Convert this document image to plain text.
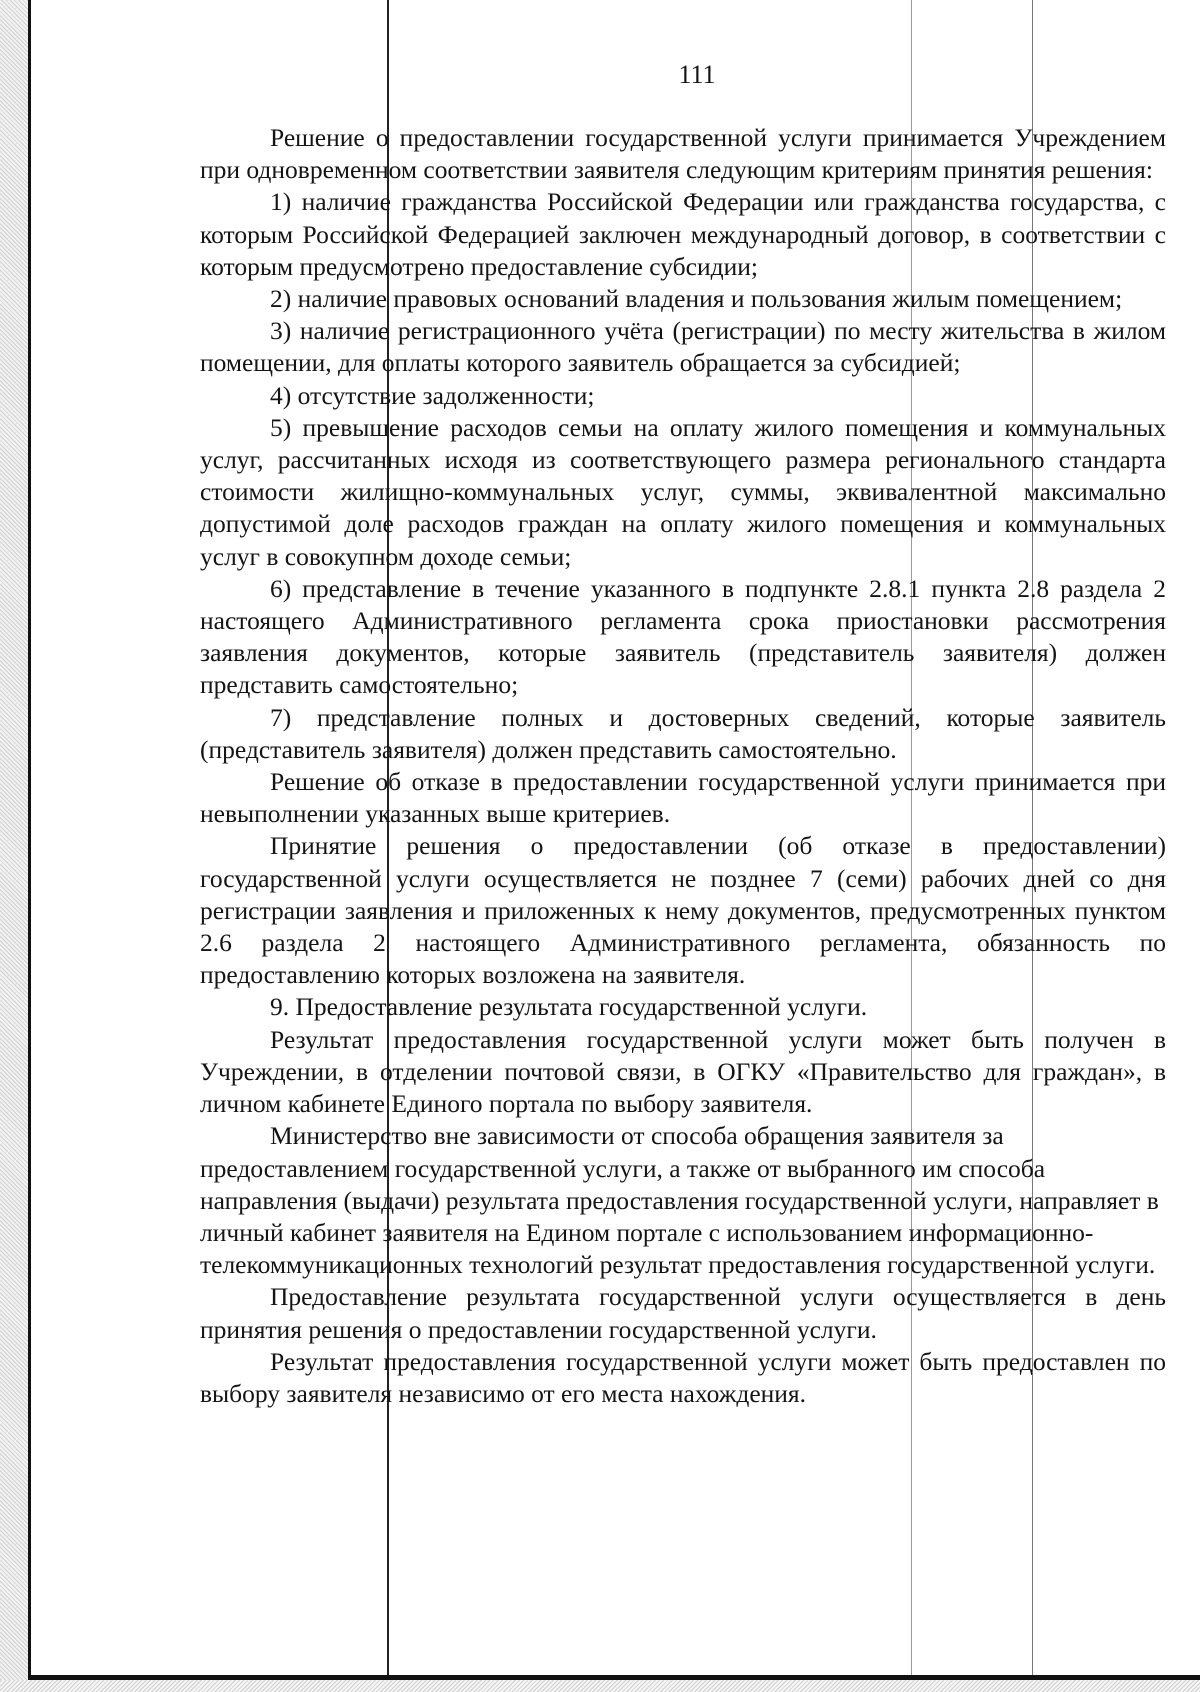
111

Решение о предоставлении государственной услуги принимается Учреждением при одновременном соответствии заявителя следующим критериям принятия решения:

1) наличие гражданства Российской Федерации или гражданства государства, с которым Российской Федерацией заключен международный договор, в соответствии с которым предусмотрено предоставление субсидии;

2) наличие правовых оснований владения и пользования жилым помещением;

3) наличие регистрационного учёта (регистрации) по месту жительства в жилом помещении, для оплаты которого заявитель обращается за субсидией;

4) отсутствие задолженности;

5) превышение расходов семьи на оплату жилого помещения и коммунальных услуг, рассчитанных исходя из соответствующего размера регионального стандарта стоимости жилищно-коммунальных услуг, суммы, эквивалентной максимально допустимой доле расходов граждан на оплату жилого помещения и коммунальных услуг в совокупном доходе семьи;

6) представление в течение указанного в подпункте 2.8.1 пункта 2.8 раздела 2 настоящего Административного регламента срока приостановки рассмотрения заявления документов, которые заявитель (представитель заявителя) должен представить самостоятельно;

7) представление полных и достоверных сведений, которые заявитель (представитель заявителя) должен представить самостоятельно.

Решение об отказе в предоставлении государственной услуги принимается при невыполнении указанных выше критериев.

Принятие решения о предоставлении (об отказе в предоставлении) государственной услуги осуществляется не позднее 7 (семи) рабочих дней со дня регистрации заявления и приложенных к нему документов, предусмотренных пунктом 2.6 раздела 2 настоящего Административного регламента, обязанность по предоставлению которых возложена на заявителя.

9. Предоставление результата государственной услуги.

Результат предоставления государственной услуги может быть получен в Учреждении, в отделении почтовой связи, в ОГКУ «Правительство для граждан», в личном кабинете Единого портала по выбору заявителя.

Министерство вне зависимости от способа обращения заявителя за предоставлением государственной услуги, а также от выбранного им способа направления (выдачи) результата предоставления государственной услуги, направляет в личный кабинет заявителя на Едином портале с использованием информационно-телекоммуникационных технологий результат предоставления государственной услуги.

Предоставление результата государственной услуги осуществляется в день принятия решения о предоставлении государственной услуги.

Результат предоставления государственной услуги может быть предоставлен по выбору заявителя независимо от его места нахождения.
